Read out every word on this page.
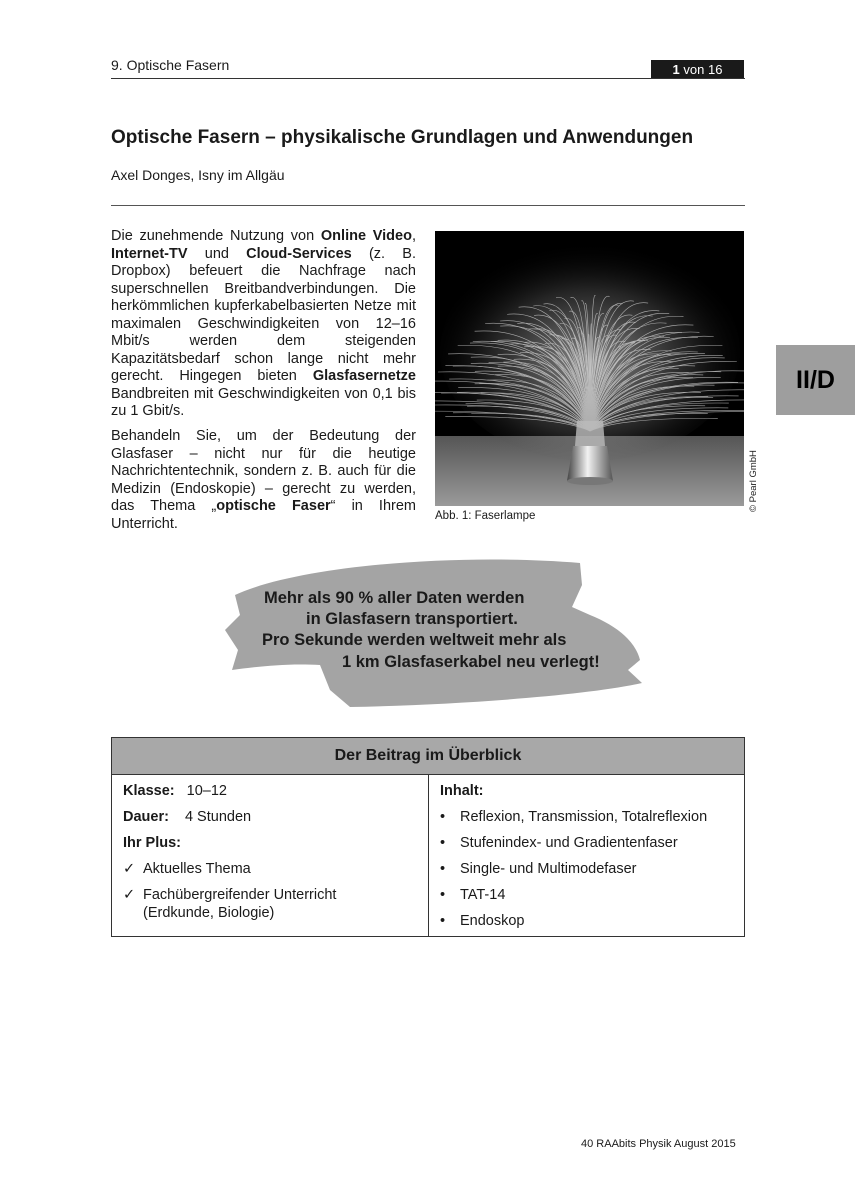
9. Optische Fasern	1 von 16
Optische Fasern – physikalische Grundlagen und Anwendungen
Axel Donges, Isny im Allgäu
II/D
Die zunehmende Nutzung von Online Video, Internet-TV und Cloud-Services (z. B. Dropbox) befeuert die Nachfrage nach superschnellen Breitbandverbindungen. Die herkömmlichen kupferkabelbasierten Netze mit maximalen Geschwindigkeiten von 12–16 Mbit/s werden dem steigenden Kapazitätsbedarf schon lange nicht mehr gerecht. Hingegen bieten Glasfasernetze Bandbreiten mit Geschwindigkeiten von 0,1 bis zu 1 Gbit/s.
Behandeln Sie, um der Bedeutung der Glasfaser – nicht nur für die heutige Nachrichtentechnik, sondern z. B. auch für die Medizin (Endoskopie) – gerecht zu werden, das Thema „optische Faser“ in Ihrem Unterricht.	Abb. 1: Faserlampe
© Pearl GmbH
Mehr als 90 % aller Daten werden
in Glasfasern transportiert.
Pro Sekunde werden weltweit mehr als
1 km Glasfaserkabel neu verlegt!
Der Beitrag im Überblick
Klasse: 10–12
Dauer: 4 Stunden
Ihr Plus:
✓ Aktuelles Thema
✓ Fachübergreifender Unterricht
(Erdkunde, Biologie)
Inhalt:
• Reflexion, Transmission, Totalreflexion
• Stufenindex- und Gradientenfaser
• Single- und Multimodefaser
• TAT-14
• Endoskop
40 RAAbits Physik August 2015
